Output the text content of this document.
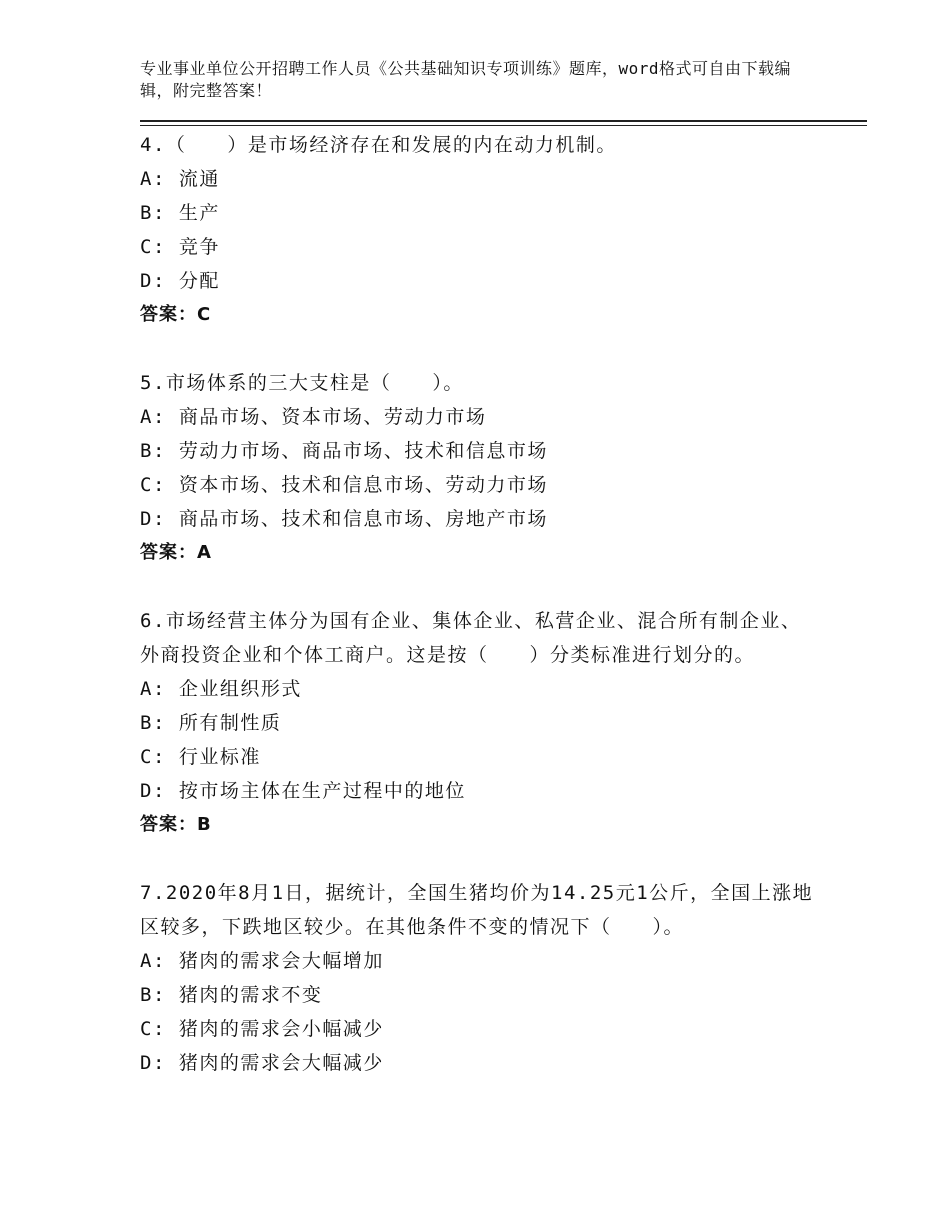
专业事业单位公开招聘工作人员《公共基础知识专项训练》题库，word格式可自由下载编辑，附完整答案！
4.（　　）是市场经济存在和发展的内在动力机制。
A: 流通
B: 生产
C: 竞争
D: 分配
答案：C
5.市场体系的三大支柱是（　　）。
A: 商品市场、资本市场、劳动力市场
B: 劳动力市场、商品市场、技术和信息市场
C: 资本市场、技术和信息市场、劳动力市场
D: 商品市场、技术和信息市场、房地产市场
答案：A
6.市场经营主体分为国有企业、集体企业、私营企业、混合所有制企业、外商投资企业和个体工商户。这是按（　　）分类标准进行划分的。
A: 企业组织形式
B: 所有制性质
C: 行业标准
D: 按市场主体在生产过程中的地位
答案：B
7.2020年8月1日，据统计，全国生猪均价为14.25元1公斤，全国上涨地区较多，下跌地区较少。在其他条件不变的情况下（　　）。
A: 猪肉的需求会大幅增加
B: 猪肉的需求不变
C: 猪肉的需求会小幅减少
D: 猪肉的需求会大幅减少
